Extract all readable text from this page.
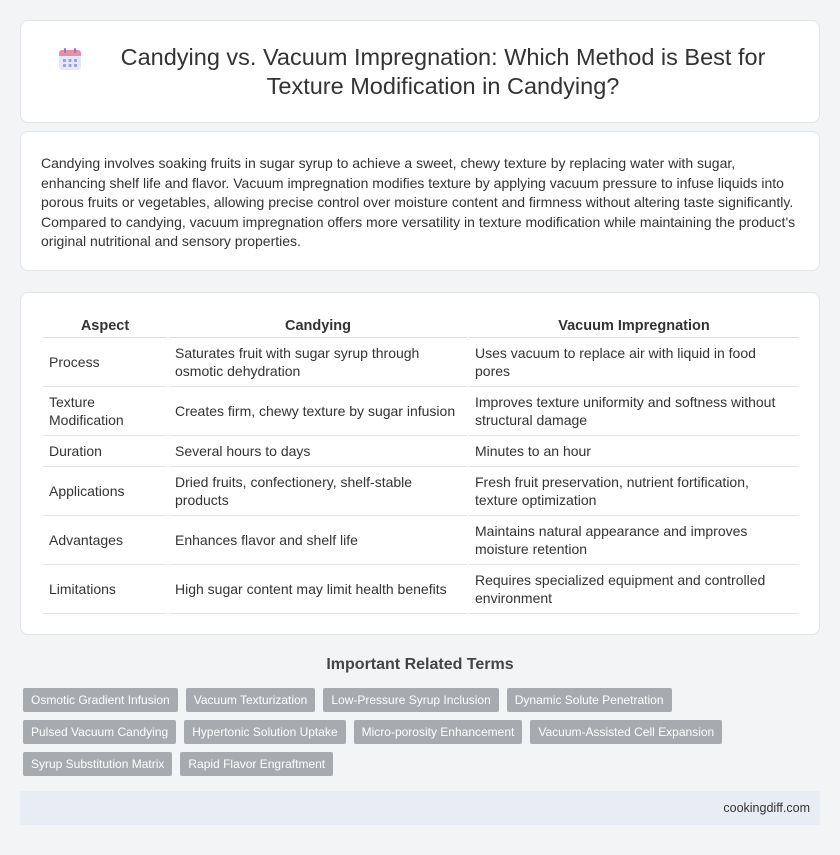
Candying vs. Vacuum Impregnation: Which Method is Best for Texture Modification in Candying?

Candying involves soaking fruits in sugar syrup to achieve a sweet, chewy texture by replacing water with sugar, enhancing shelf life and flavor. Vacuum impregnation modifies texture by applying vacuum pressure to infuse liquids into porous fruits or vegetables, allowing precise control over moisture content and firmness without altering taste significantly. Compared to candying, vacuum impregnation offers more versatility in texture modification while maintaining the product's original nutritional and sensory properties.

Aspect	Candying	Vacuum Impregnation
Process	Saturates fruit with sugar syrup through osmotic dehydration	Uses vacuum to replace air with liquid in food pores
Texture Modification	Creates firm, chewy texture by sugar infusion	Improves texture uniformity and softness without structural damage
Duration	Several hours to days	Minutes to an hour
Applications	Dried fruits, confectionery, shelf-stable products	Fresh fruit preservation, nutrient fortification, texture optimization
Advantages	Enhances flavor and shelf life	Maintains natural appearance and improves moisture retention
Limitations	High sugar content may limit health benefits	Requires specialized equipment and controlled environment
Important Related Terms
Osmotic Gradient Infusion	Vacuum Texturization	Low-Pressure Syrup Inclusion	Dynamic Solute Penetration
Pulsed Vacuum Candying	Hypertonic Solution Uptake	Micro-porosity Enhancement	Vacuum-Assisted Cell Expansion
Syrup Substitution Matrix	Rapid Flavor Engraftment
cookingdiff.com
